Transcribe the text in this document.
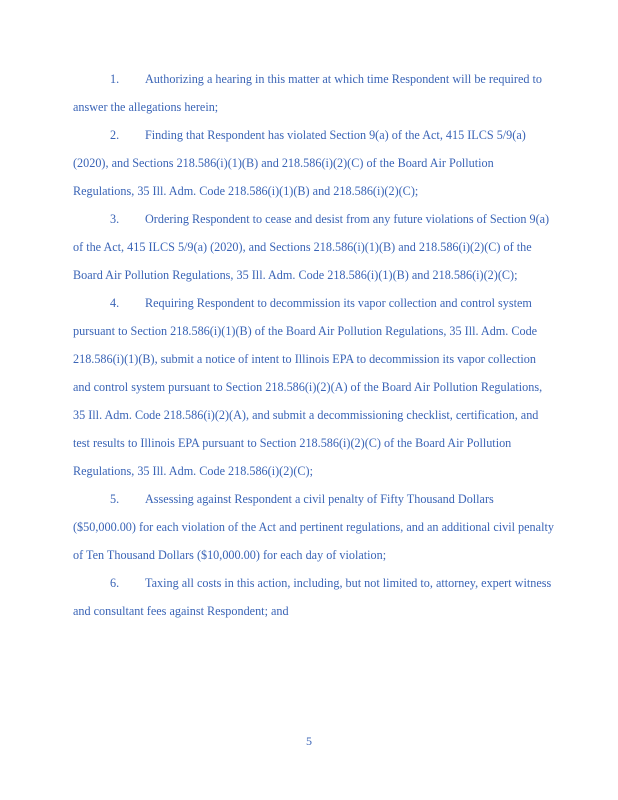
1. Authorizing a hearing in this matter at which time Respondent will be required to
answer the allegations herein;
2. Finding that Respondent has violated Section 9(a) of the Act, 415 ILCS 5/9(a)
(2020), and Sections 218.586(i)(1)(B) and 218.586(i)(2)(C) of the Board Air Pollution
Regulations, 35 Ill. Adm. Code 218.586(i)(1)(B) and 218.586(i)(2)(C);
3. Ordering Respondent to cease and desist from any future violations of Section 9(a)
of the Act, 415 ILCS 5/9(a) (2020), and Sections 218.586(i)(1)(B) and 218.586(i)(2)(C) of the
Board Air Pollution Regulations, 35 Ill. Adm. Code 218.586(i)(1)(B) and 218.586(i)(2)(C);
4. Requiring Respondent to decommission its vapor collection and control system
pursuant to Section 218.586(i)(1)(B) of the Board Air Pollution Regulations, 35 Ill. Adm. Code
218.586(i)(1)(B), submit a notice of intent to Illinois EPA to decommission its vapor collection
and control system pursuant to Section 218.586(i)(2)(A) of the Board Air Pollution Regulations,
35 Ill. Adm. Code 218.586(i)(2)(A), and submit a decommissioning checklist, certification, and
test results to Illinois EPA pursuant to Section 218.586(i)(2)(C) of the Board Air Pollution
Regulations, 35 Ill. Adm. Code 218.586(i)(2)(C);
5. Assessing against Respondent a civil penalty of Fifty Thousand Dollars
($50,000.00) for each violation of the Act and pertinent regulations, and an additional civil penalty
of Ten Thousand Dollars ($10,000.00) for each day of violation;
6. Taxing all costs in this action, including, but not limited to, attorney, expert witness
and consultant fees against Respondent; and
5
